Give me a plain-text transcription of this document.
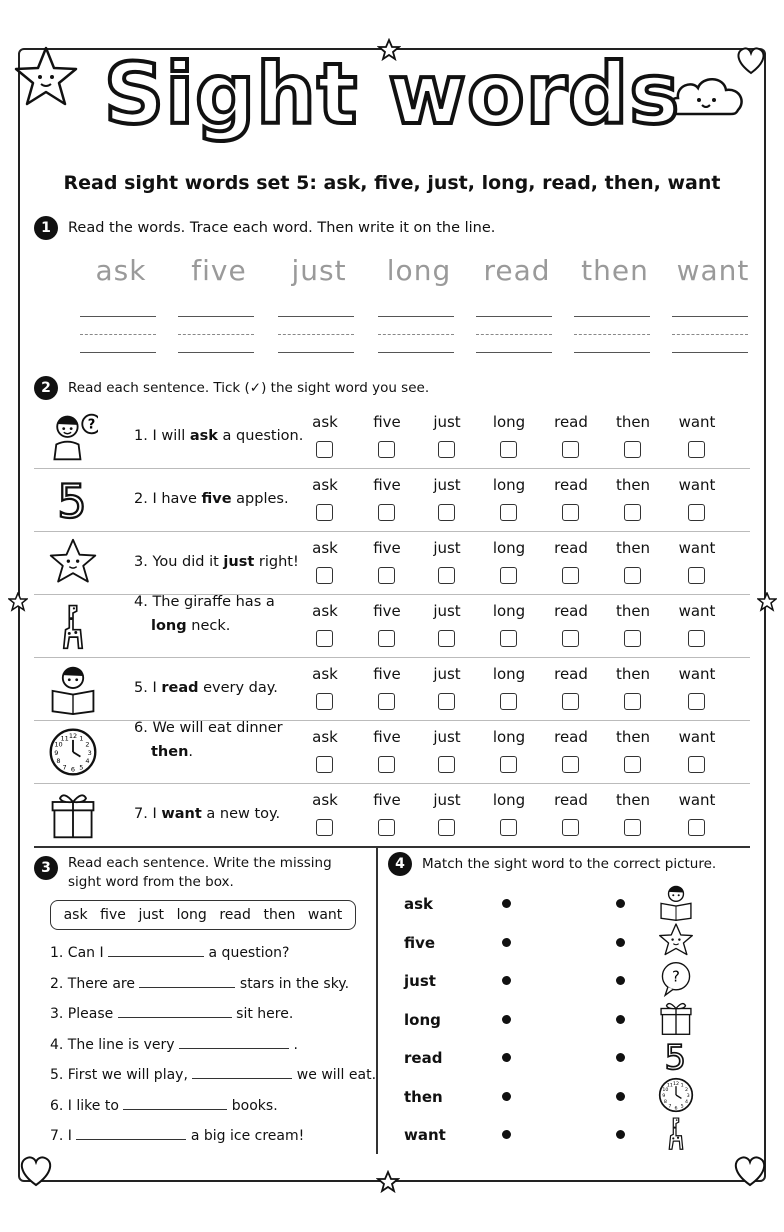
Sight words
Read sight words set 5: ask, five, just, long, read, then, want
1	Read the words. Trace each word. Then write it on the line.
ask	five	just	long	read	then want
2	Read each sentence. Tick (✓) the sight word you see.
?
1. I will ask a question.
ask	five	just	long	read	then	want
5	2. I have five apples.
ask	five	just	long	read	then	want
3. You did it just right!
ask	five	just	long	read	then	want
4. The giraffe has a
long neck.
ask	five	just	long	read	then	want
5. I read every day.
ask	five	just	long	read	then	want
12 1
2
3
4
5
6
7
8
9
10
11
6. We will eat dinner
then.
ask	five	just	long	read	then	want
7. I want a new toy.
ask	five	just	long	read	then	want
3	Read each sentence. Write the missing
sight word from the box.
ask five just long read then want
1. Can I	a question?
2. There are	stars in the sky.
3. Please	sit here.
4. The line is very	.
5. First we will play,	we will eat.
6. I like to	books.
7. I	a big ice cream!
4	Match the sight word to the correct picture.
ask
five
just	?
long
read	5
then
12 1
2
3
4
5
6
7
8
9
10
11
want
